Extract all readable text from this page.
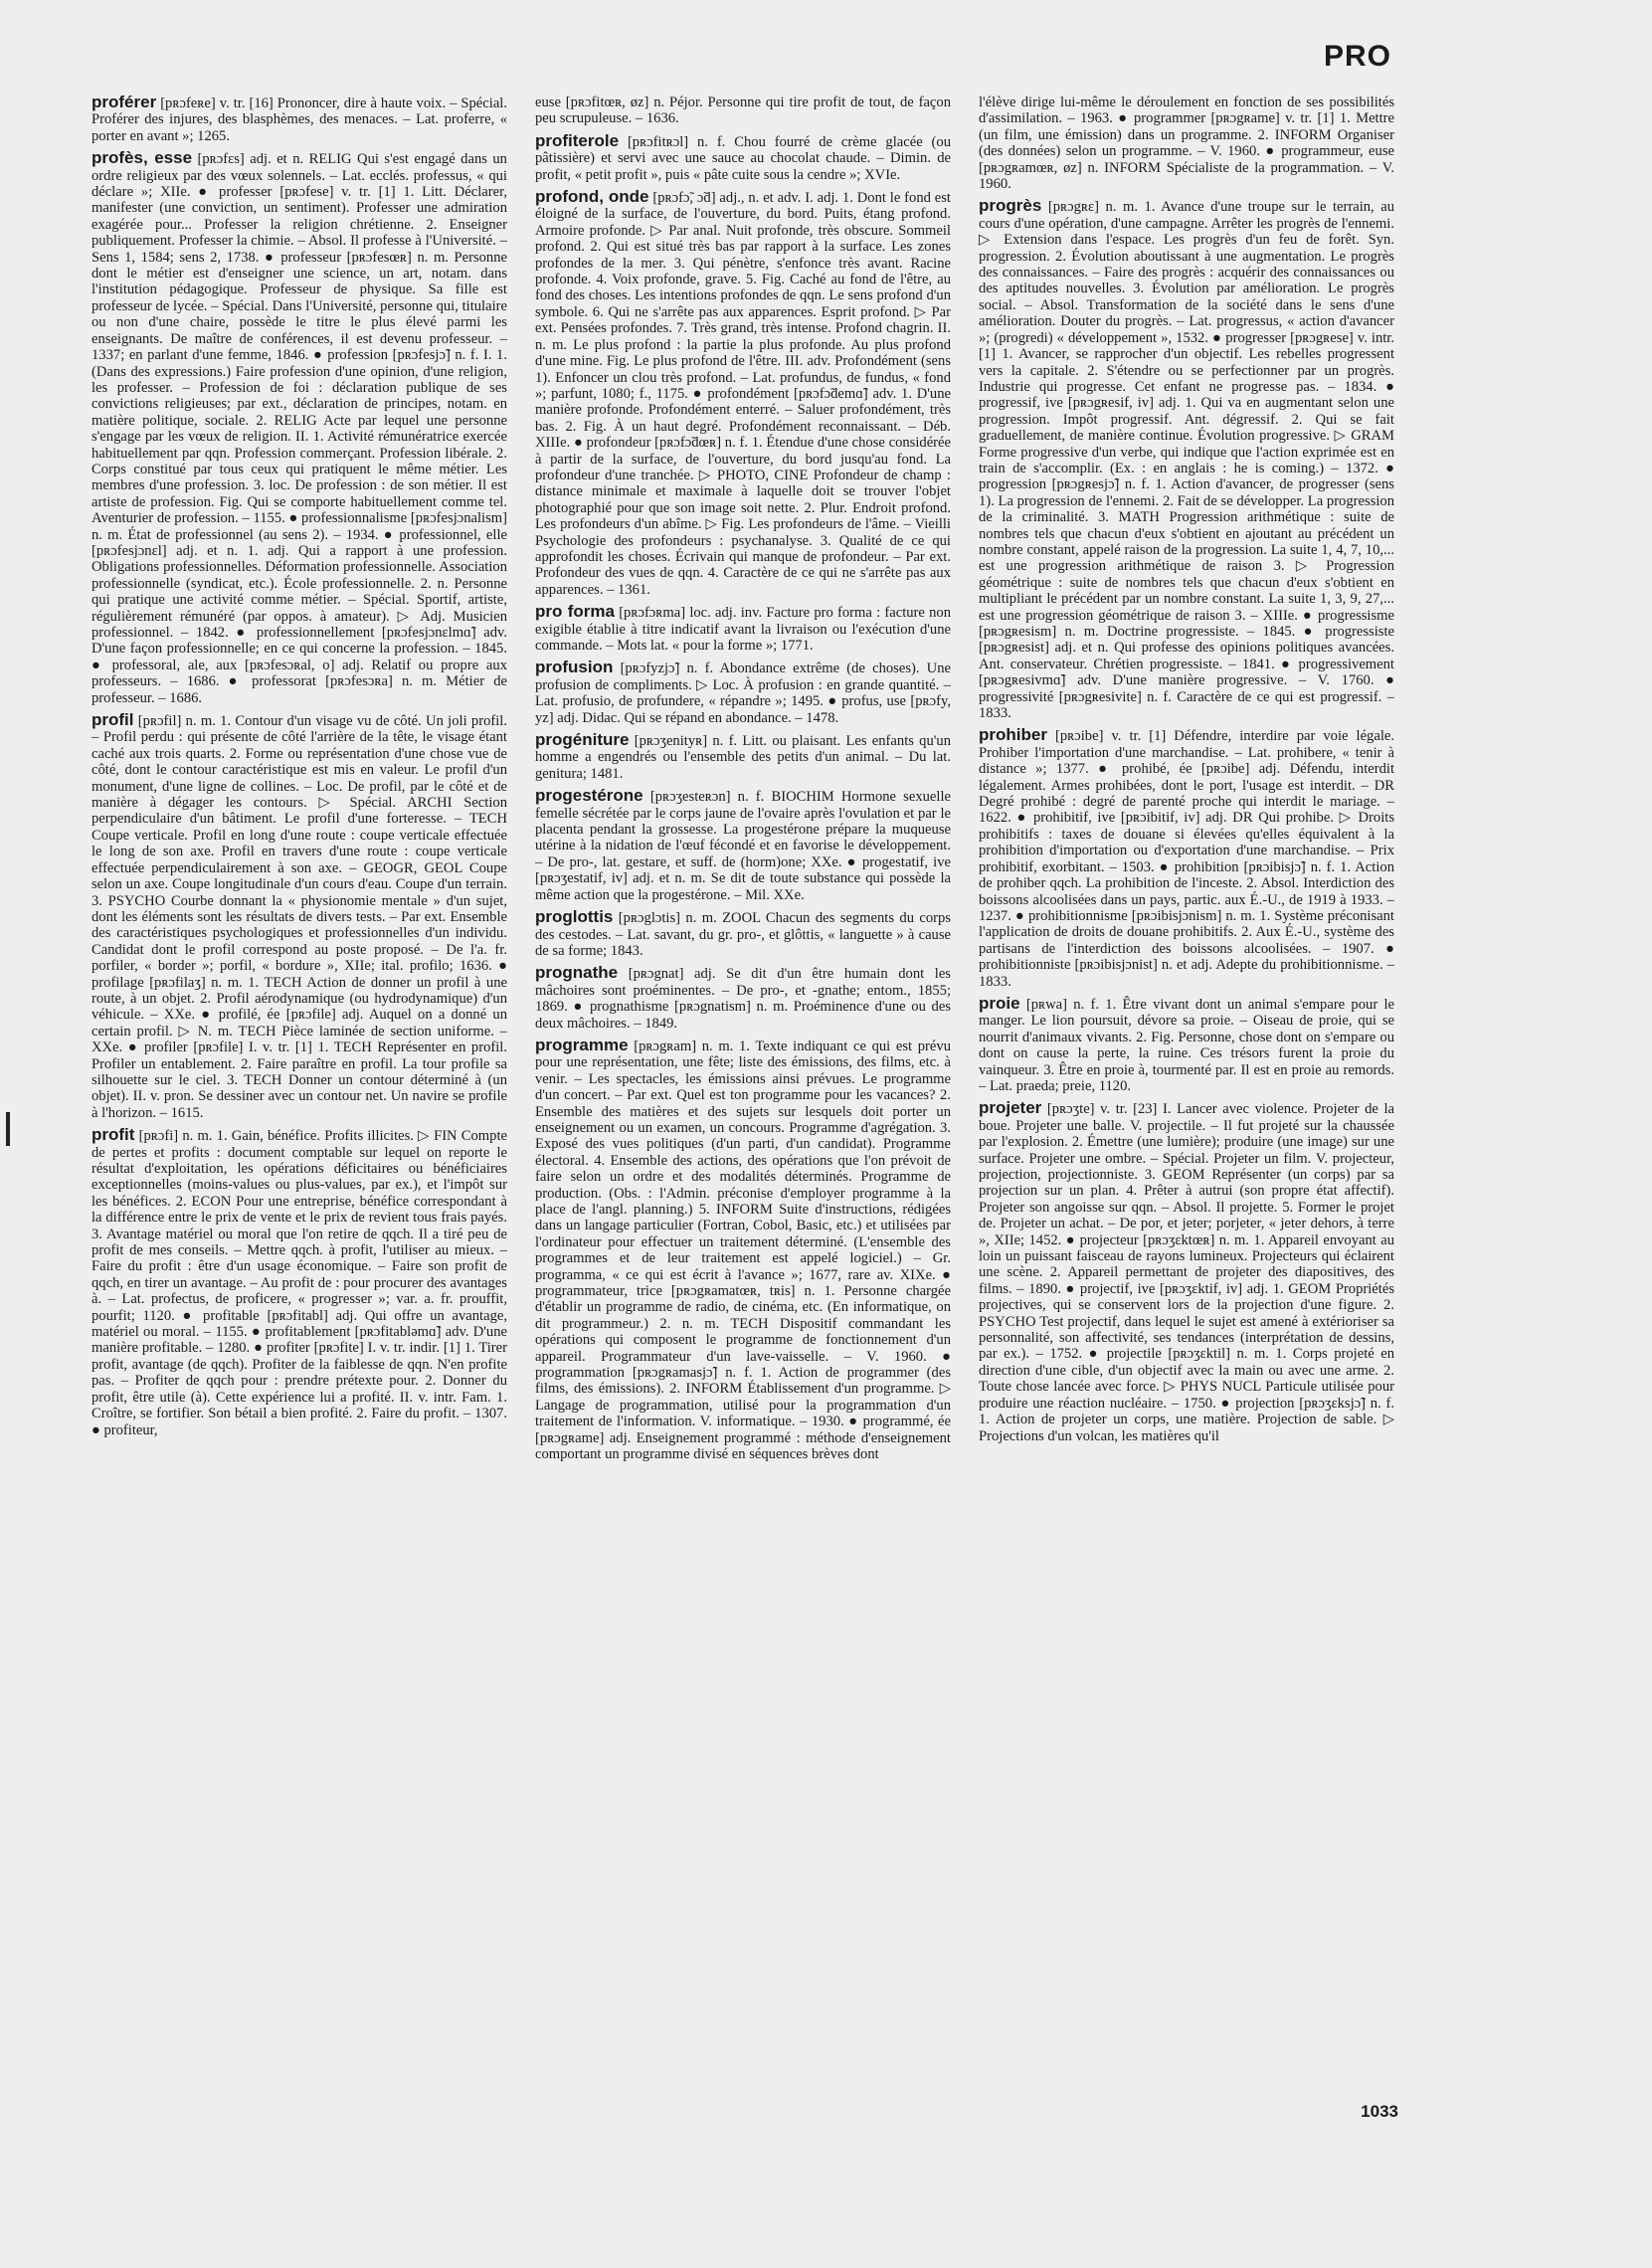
PRO

proférer [pʀɔfeʀe] v. tr. [16] Prononcer, dire à haute voix. – Spécial. Proférer des injures, des blasphèmes, des menaces. – Lat. proferre, « porter en avant »; 1265.

profès, esse [pʀɔfɛs] adj. et n. RELIG Qui s'est engagé dans un ordre religieux par des vœux solennels. – Lat. ecclés. professus, « qui déclare »; XIIe. ● professer [pʀɔfese] v. tr. [1] 1. Litt. Déclarer, manifester (une conviction, un sentiment). Professer une admiration exagérée pour... Professer la religion chrétienne. 2. Enseigner publiquement. Professer la chimie. – Absol. Il professe à l'Université. – Sens 1, 1584; sens 2, 1738. ● professeur [pʀɔfesœʀ] n. m. Personne dont le métier est d'enseigner une science, un art, notam. dans l'institution pédagogique. Professeur de physique. Sa fille est professeur de lycée. – Spécial. Dans l'Université, personne qui, titulaire ou non d'une chaire, possède le titre le plus élevé parmi les enseignants. De maître de conférences, il est devenu professeur. – 1337; en parlant d'une femme, 1846. ● profession [pʀɔfesjɔ̃] n. f. I. 1. (Dans des expressions.) Faire profession d'une opinion, d'une religion, les professer. – Profession de foi : déclaration publique de ses convictions religieuses; par ext., déclaration de principes, notam. en matière politique, sociale. 2. RELIG Acte par lequel une personne s'engage par les vœux de religion. II. 1. Activité rémunératrice exercée habituellement par qqn. Profession commerçant. Profession libérale. 2. Corps constitué par tous ceux qui pratiquent le même métier. Les membres d'une profession. 3. loc. De profession : de son métier. Il est artiste de profession. Fig. Qui se comporte habituellement comme tel. Aventurier de profession. – 1155. ● professionnalisme [pʀɔfesjɔnalism] n. m. État de professionnel (au sens 2). – 1934. ● professionnel, elle [pʀɔfesjɔnɛl] adj. et n. 1. adj. Qui a rapport à une profession. Obligations professionnelles. Déformation professionnelle. Association professionnelle (syndicat, etc.). École professionnelle. 2. n. Personne qui pratique une activité comme métier. – Spécial. Sportif, artiste, régulièrement rémunéré (par oppos. à amateur). ▷ Adj. Musicien professionnel. – 1842. ● professionnellement [pʀɔfesjɔnɛlmɑ̃] adv. D'une façon professionnelle; en ce qui concerne la profession. – 1845. ● professoral, ale, aux [pʀɔfesɔʀal, o] adj. Relatif ou propre aux professeurs. – 1686. ● professorat [pʀɔfesɔʀa] n. m. Métier de professeur. – 1686.

profil [pʀɔfil] n. m. 1. Contour d'un visage vu de côté. Un joli profil. – Profil perdu : qui présente de côté l'arrière de la tête, le visage étant caché aux trois quarts. 2. Forme ou représentation d'une chose vue de côté, dont le contour caractéristique est mis en valeur. Le profil d'un monument, d'une ligne de collines. – Loc. De profil, par le côté et de manière à dégager les contours. ▷ Spécial. ARCHI Section perpendiculaire d'un bâtiment. Le profil d'une forteresse. – TECH Coupe verticale. Profil en long d'une route : coupe verticale effectuée le long de son axe. Profil en travers d'une route : coupe verticale effectuée perpendiculairement à son axe. – GEOGR, GEOL Coupe selon un axe. Coupe longitudinale d'un cours d'eau. Coupe d'un terrain. 3. PSYCHO Courbe donnant la « physionomie mentale » d'un sujet, dont les éléments sont les résultats de divers tests. – Par ext. Ensemble des caractéristiques psychologiques et professionnelles d'un individu. Candidat dont le profil correspond au poste proposé. – De l'a. fr. porfiler, « border »; porfil, « bordure », XIIe; ital. profilo; 1636. ● profilage [pʀɔfilaʒ] n. m. 1. TECH Action de donner un profil à une route, à un objet. 2. Profil aérodynamique (ou hydrodynamique) d'un véhicule. – XXe. ● profilé, ée [pʀɔfile] adj. Auquel on a donné un certain profil. ▷ N. m. TECH Pièce laminée de section uniforme. – XXe. ● profiler [pʀɔfile] I. v. tr. [1] 1. TECH Représenter en profil. Profiler un entablement. 2. Faire paraître en profil. La tour profile sa silhouette sur le ciel. 3. TECH Donner un contour déterminé à (un objet). II. v. pron. Se dessiner avec un contour net. Un navire se profile à l'horizon. – 1615.

profit [pʀɔfi] n. m. 1. Gain, bénéfice. Profits illicites. ▷ FIN Compte de pertes et profits : document comptable sur lequel on reporte le résultat d'exploitation, les opérations déficitaires ou bénéficiaires exceptionnelles (moins-values ou plus-values, par ex.), et l'impôt sur les bénéfices. 2. ECON Pour une entreprise, bénéfice correspondant à la différence entre le prix de vente et le prix de revient tous frais payés. 3. Avantage matériel ou moral que l'on retire de qqch. Il a tiré peu de profit de mes conseils. – Mettre qqch. à profit, l'utiliser au mieux. – Faire du profit : être d'un usage économique. – Faire son profit de qqch, en tirer un avantage. – Au profit de : pour procurer des avantages à. – Lat. profectus, de proficere, « progresser »; var. a. fr. prouffit, pourfit; 1120. ● profitable [pʀɔfitabl] adj. Qui offre un avantage, matériel ou moral. – 1155. ● profitablement [pʀɔfitabləmɑ̃] adv. D'une manière profitable. – 1280. ● profiter [pʀɔfite] I. v. tr. indir. [1] 1. Tirer profit, avantage (de qqch). Profiter de la faiblesse de qqn. N'en profite pas. – Profiter de qqch pour : prendre prétexte pour. 2. Donner du profit, être utile (à). Cette expérience lui a profité. II. v. intr. Fam. 1. Croître, se fortifier. Son bétail a bien profité. 2. Faire du profit. – 1307. ● profiteur,

euse [pʀɔfitœʀ, øz] n. Péjor. Personne qui tire profit de tout, de façon peu scrupuleuse. – 1636.

profiterole [pʀɔfitʀɔl] n. f. Chou fourré de crème glacée (ou pâtissière) et servi avec une sauce au chocolat chaude. – Dimin. de profit, « petit profit », puis « pâte cuite sous la cendre »; XVIe.

profond, onde [pʀɔfɔ̃, ɔ̃d] adj., n. et adv. I. adj. 1. Dont le fond est éloigné de la surface, de l'ouverture, du bord. Puits, étang profond. Armoire profonde. ▷ Par anal. Nuit profonde, très obscure. Sommeil profond. 2. Qui est situé très bas par rapport à la surface. Les zones profondes de la mer. 3. Qui pénètre, s'enfonce très avant. Racine profonde. 4. Voix profonde, grave. 5. Fig. Caché au fond de l'être, au fond des choses. Les intentions profondes de qqn. Le sens profond d'un symbole. 6. Qui ne s'arrête pas aux apparences. Esprit profond. ▷ Par ext. Pensées profondes. 7. Très grand, très intense. Profond chagrin. II. n. m. Le plus profond : la partie la plus profonde. Au plus profond d'une mine. Fig. Le plus profond de l'être. III. adv. Profondément (sens 1). Enfoncer un clou très profond. – Lat. profundus, de fundus, « fond »; parfunt, 1080; f., 1175. ● profondément [pʀɔfɔ̃demɑ̃] adv. 1. D'une manière profonde. Profondément enterré. – Saluer profondément, très bas. 2. Fig. À un haut degré. Profondément reconnaissant. – Déb. XIIIe. ● profondeur [pʀɔfɔ̃dœʀ] n. f. 1. Étendue d'une chose considérée à partir de la surface, de l'ouverture, du bord jusqu'au fond. La profondeur d'une tranchée. ▷ PHOTO, CINE Profondeur de champ : distance minimale et maximale à laquelle doit se trouver l'objet photographié pour que son image soit nette. 2. Plur. Endroit profond. Les profondeurs d'un abîme. ▷ Fig. Les profondeurs de l'âme. – Vieilli Psychologie des profondeurs : psychanalyse. 3. Qualité de ce qui approfondit les choses. Écrivain qui manque de profondeur. – Par ext. Profondeur des vues de qqn. 4. Caractère de ce qui ne s'arrête pas aux apparences. – 1361.

pro forma [pʀɔfɔʀma] loc. adj. inv. Facture pro forma : facture non exigible établie à titre indicatif avant la livraison ou l'exécution d'une commande. – Mots lat. « pour la forme »; 1771.

profusion [pʀɔfyzjɔ̃] n. f. Abondance extrême (de choses). Une profusion de compliments. ▷ Loc. À profusion : en grande quantité. – Lat. profusio, de profundere, « répandre »; 1495. ● profus, use [pʀɔfy, yz] adj. Didac. Qui se répand en abondance. – 1478.

progéniture [pʀɔʒenityʀ] n. f. Litt. ou plaisant. Les enfants qu'un homme a engendrés ou l'ensemble des petits d'un animal. – Du lat. genitura; 1481.

progestérone [pʀɔʒesteʀɔn] n. f. BIOCHIM Hormone sexuelle femelle sécrétée par le corps jaune de l'ovaire après l'ovulation et par le placenta pendant la grossesse. La progestérone prépare la muqueuse utérine à la nidation de l'œuf fécondé et en favorise le développement. – De pro-, lat. gestare, et suff. de (horm)one; XXe. ● progestatif, ive [pʀɔʒestatif, iv] adj. et n. m. Se dit de toute substance qui possède la même action que la progestérone. – Mil. XXe.

proglottis [pʀɔglɔtis] n. m. ZOOL Chacun des segments du corps des cestodes. – Lat. savant, du gr. pro-, et glôttis, « languette » à cause de sa forme; 1843.

prognathe [pʀɔgnat] adj. Se dit d'un être humain dont les mâchoires sont proéminentes. – De pro-, et -gnathe; entom., 1855; 1869. ● prognathisme [pʀɔgnatism] n. m. Proéminence d'une ou des deux mâchoires. – 1849.

programme [pʀɔgʀam] n. m. 1. Texte indiquant ce qui est prévu pour une représentation, une fête; liste des émissions, des films, etc. à venir. – Les spectacles, les émissions ainsi prévues. Le programme d'un concert. – Par ext. Quel est ton programme pour les vacances? 2. Ensemble des matières et des sujets sur lesquels doit porter un enseignement ou un examen, un concours. Programme d'agrégation. 3. Exposé des vues politiques (d'un parti, d'un candidat). Programme électoral. 4. Ensemble des actions, des opérations que l'on prévoit de faire selon un ordre et des modalités déterminés. Programme de production. (Obs. : l'Admin. préconise d'employer programme à la place de l'angl. planning.) 5. INFORM Suite d'instructions, rédigées dans un langage particulier (Fortran, Cobol, Basic, etc.) et utilisées par l'ordinateur pour effectuer un traitement déterminé. (L'ensemble des programmes et de leur traitement est appelé logiciel.) – Gr. programma, « ce qui est écrit à l'avance »; 1677, rare av. XIXe. ● programmateur, trice [pʀɔgʀamatœʀ, tʀis] n. 1. Personne chargée d'établir un programme de radio, de cinéma, etc. (En informatique, on dit programmeur.) 2. n. m. TECH Dispositif commandant les opérations qui composent le programme de fonctionnement d'un appareil. Programmateur d'un lave-vaisselle. – V. 1960. ● programmation [pʀɔgʀamasjɔ̃] n. f. 1. Action de programmer (des films, des émissions). 2. INFORM Établissement d'un programme. ▷ Langage de programmation, utilisé pour la programmation d'un traitement de l'information. V. informatique. – 1930. ● programmé, ée [pʀɔgʀame] adj. Enseignement programmé : méthode d'enseignement comportant un programme divisé en séquences brèves dont

l'élève dirige lui-même le déroulement en fonction de ses possibilités d'assimilation. – 1963. ● programmer [pʀɔgʀame] v. tr. [1] 1. Mettre (un film, une émission) dans un programme. 2. INFORM Organiser (des données) selon un programme. – V. 1960. ● programmeur, euse [pʀɔgʀamœʀ, øz] n. INFORM Spécialiste de la programmation. – V. 1960.

progrès [pʀɔgʀɛ] n. m. 1. Avance d'une troupe sur le terrain, au cours d'une opération, d'une campagne. Arrêter les progrès de l'ennemi. ▷ Extension dans l'espace. Les progrès d'un feu de forêt. Syn. progression. 2. Évolution aboutissant à une augmentation. Le progrès des connaissances. – Faire des progrès : acquérir des connaissances ou des aptitudes nouvelles. 3. Évolution par amélioration. Le progrès social. – Absol. Transformation de la société dans le sens d'une amélioration. Douter du progrès. – Lat. progressus, « action d'avancer »; (progredi) « développement », 1532. ● progresser [pʀɔgʀese] v. intr. [1] 1. Avancer, se rapprocher d'un objectif. Les rebelles progressent vers la capitale. 2. S'étendre ou se perfectionner par un progrès. Industrie qui progresse. Cet enfant ne progresse pas. – 1834. ● progressif, ive [pʀɔgʀesif, iv] adj. 1. Qui va en augmentant selon une progression. Impôt progressif. Ant. dégressif. 2. Qui se fait graduellement, de manière continue. Évolution progressive. ▷ GRAM Forme progressive d'un verbe, qui indique que l'action exprimée est en train de s'accomplir. (Ex. : en anglais : he is coming.) – 1372. ● progression [pʀɔgʀesjɔ̃] n. f. 1. Action d'avancer, de progresser (sens 1). La progression de l'ennemi. 2. Fait de se développer. La progression de la criminalité. 3. MATH Progression arithmétique : suite de nombres tels que chacun d'eux s'obtient en ajoutant au précédent un nombre constant, appelé raison de la progression. La suite 1, 4, 7, 10,... est une progression arithmétique de raison 3. ▷ Progression géométrique : suite de nombres tels que chacun d'eux s'obtient en multipliant le précédent par un nombre constant. La suite 1, 3, 9, 27,... est une progression géométrique de raison 3. – XIIIe. ● progressisme [pʀɔgʀesism] n. m. Doctrine progressiste. – 1845. ● progressiste [pʀɔgʀesist] adj. et n. Qui professe des opinions politiques avancées. Ant. conservateur. Chrétien progressiste. – 1841. ● progressivement [pʀɔgʀesivmɑ̃] adv. D'une manière progressive. – V. 1760. ● progressivité [pʀɔgʀesivite] n. f. Caractère de ce qui est progressif. – 1833.

prohiber [pʀɔibe] v. tr. [1] Défendre, interdire par voie légale. Prohiber l'importation d'une marchandise. – Lat. prohibere, « tenir à distance »; 1377. ● prohibé, ée [pʀɔibe] adj. Défendu, interdit légalement. Armes prohibées, dont le port, l'usage est interdit. – DR Degré prohibé : degré de parenté proche qui interdit le mariage. – 1622. ● prohibitif, ive [pʀɔibitif, iv] adj. DR Qui prohibe. ▷ Droits prohibitifs : taxes de douane si élevées qu'elles équivalent à la prohibition d'importation ou d'exportation d'une marchandise. – Prix prohibitif, exorbitant. – 1503. ● prohibition [pʀɔibisjɔ̃] n. f. 1. Action de prohiber qqch. La prohibition de l'inceste. 2. Absol. Interdiction des boissons alcoolisées dans un pays, partic. aux É.-U., de 1919 à 1933. – 1237. ● prohibitionnisme [pʀɔibisjɔnism] n. m. 1. Système préconisant l'application de droits de douane prohibitifs. 2. Aux É.-U., système des partisans de l'interdiction des boissons alcoolisées. – 1907. ● prohibitionniste [pʀɔibisjɔnist] n. et adj. Adepte du prohibitionnisme. – 1833.

proie [pʀwa] n. f. 1. Être vivant dont un animal s'empare pour le manger. Le lion poursuit, dévore sa proie. – Oiseau de proie, qui se nourrit d'animaux vivants. 2. Fig. Personne, chose dont on s'empare ou dont on cause la perte, la ruine. Ces trésors furent la proie du vainqueur. 3. Être en proie à, tourmenté par. Il est en proie au remords. – Lat. praeda; preie, 1120.

projeter [pʀɔʒte] v. tr. [23] I. Lancer avec violence. Projeter de la boue. Projeter une balle. V. projectile. – Il fut projeté sur la chaussée par l'explosion. 2. Émettre (une lumière); produire (une image) sur une surface. Projeter une ombre. – Spécial. Projeter un film. V. projecteur, projection, projectionniste. 3. GEOM Représenter (un corps) par sa projection sur un plan. 4. Prêter à autrui (son propre état affectif). Projeter son angoisse sur qqn. – Absol. Il projette. 5. Former le projet de. Projeter un achat. – De por, et jeter; porjeter, « jeter dehors, à terre », XIIe; 1452. ● projecteur [pʀɔʒɛktœʀ] n. m. 1. Appareil envoyant au loin un puissant faisceau de rayons lumineux. Projecteurs qui éclairent une scène. 2. Appareil permettant de projeter des diapositives, des films. – 1890. ● projectif, ive [pʀɔʒɛktif, iv] adj. 1. GEOM Propriétés projectives, qui se conservent lors de la projection d'une figure. 2. PSYCHO Test projectif, dans lequel le sujet est amené à extérioriser sa personnalité, son affectivité, ses tendances (interprétation de dessins, par ex.). – 1752. ● projectile [pʀɔʒɛktil] n. m. 1. Corps projeté en direction d'une cible, d'un objectif avec la main ou avec une arme. 2. Toute chose lancée avec force. ▷ PHYS NUCL Particule utilisée pour produire une réaction nucléaire. – 1750. ● projection [pʀɔʒɛksjɔ̃] n. f. 1. Action de projeter un corps, une matière. Projection de sable. ▷ Projections d'un volcan, les matières qu'il

1033
